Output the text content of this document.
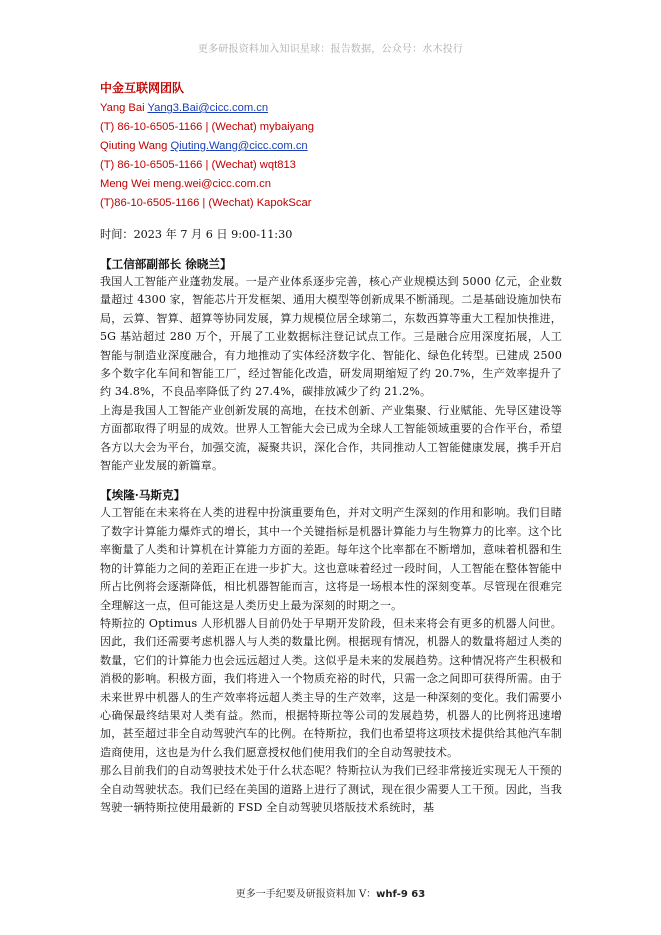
更多研报资料加入知识星球：报告数据，公众号：水木投行
中金互联网团队
Yang Bai Yang3.Bai@cicc.com.cn
(T) 86-10-6505-1166 | (Wechat) mybaiyang
Qiuting Wang Qiuting.Wang@cicc.com.cn
(T) 86-10-6505-1166 | (Wechat) wqt813
Meng Wei meng.wei@cicc.com.cn
(T)86-10-6505-1166 | (Wechat) KapokScar
时间：2023 年 7 月 6 日 9:00-11:30
【工信部副部长 徐晓兰】

我国人工智能产业蓬勃发展。一是产业体系逐步完善，核心产业规模达到 5000 亿元，企业数量超过 4300 家，智能芯片开发框架、通用大模型等创新成果不断涌现。二是基础设施加快布局，云算、智算、超算等协同发展，算力规模位居全球第二，东数西算等重大工程加快推进，5G 基站超过 280 万个，开展了工业数据标注登记试点工作。三是融合应用深度拓展，人工智能与制造业深度融合，有力地推动了实体经济数字化、智能化、绿色化转型。已建成 2500 多个数字化车间和智能工厂，经过智能化改造，研发周期缩短了约 20.7%，生产效率提升了约 34.8%，不良品率降低了约 27.4%，碳排放减少了约 21.2%。

上海是我国人工智能产业创新发展的高地，在技术创新、产业集聚、行业赋能、先导区建设等方面都取得了明显的成效。世界人工智能大会已成为全球人工智能领域重要的合作平台，希望各方以大会为平台，加强交流，凝聚共识，深化合作，共同推动人工智能健康发展，携手开启智能产业发展的新篇章。

【埃隆·马斯克】

人工智能在未来将在人类的进程中扮演重要角色，并对文明产生深刻的作用和影响。我们目睹了数字计算能力爆炸式的增长，其中一个关键指标是机器计算能力与生物算力的比率。这个比率衡量了人类和计算机在计算能力方面的差距。每年这个比率都在不断增加，意味着机器和生物的计算能力之间的差距正在进一步扩大。这也意味着经过一段时间，人工智能在整体智能中所占比例将会逐渐降低，相比机器智能而言，这将是一场根本性的深刻变革。尽管现在很难完全理解这一点，但可能这是人类历史上最为深刻的时期之一。

特斯拉的 Optimus 人形机器人目前仍处于早期开发阶段，但未来将会有更多的机器人问世。因此，我们还需要考虑机器人与人类的数量比例。根据现有情况，机器人的数量将超过人类的数量，它们的计算能力也会远远超过人类。这似乎是未来的发展趋势。这种情况将产生积极和消极的影响。积极方面，我们将进入一个物质充裕的时代，只需一念之间即可获得所需。由于未来世界中机器人的生产效率将远超人类主导的生产效率，这是一种深刻的变化。我们需要小心确保最终结果对人类有益。然而，根据特斯拉等公司的发展趋势，机器人的比例将迅速增加，甚至超过非全自动驾驶汽车的比例。在特斯拉，我们也希望将这项技术提供给其他汽车制造商使用，这也是为什么我们愿意授权他们使用我们的全自动驾驶技术。

那么目前我们的自动驾驶技术处于什么状态呢？特斯拉认为我们已经非常接近实现无人干预的全自动驾驶状态。我们已经在美国的道路上进行了测试，现在很少需要人工干预。因此，当我驾驶一辆特斯拉使用最新的 FSD 全自动驾驶贝塔版技术系统时，基

更多一手纪要及研报资料加 V：whf-9 63
